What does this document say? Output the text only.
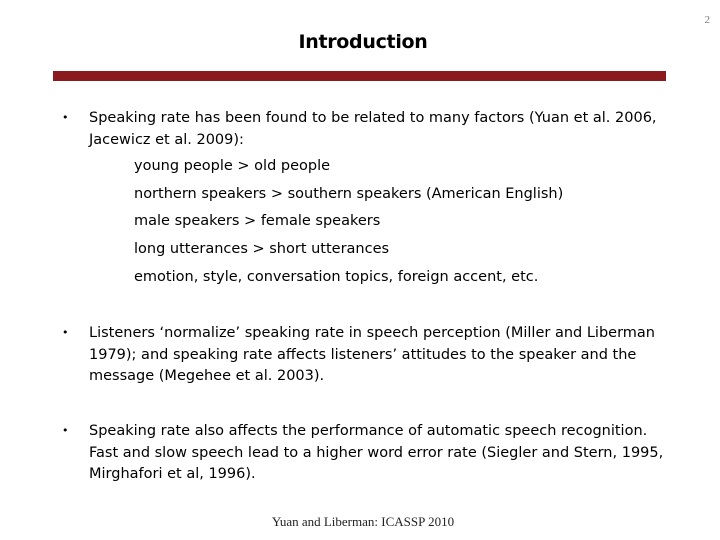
2
Introduction
• Speaking rate has been found to be related to many factors (Yuan et al. 2006, Jacewicz et al. 2009):

young people > old people
northern speakers > southern speakers (American English)
male speakers > female speakers
long utterances > short utterances
emotion, style, conversation topics, foreign accent, etc.
• Listeners ‘normalize’ speaking rate in speech perception (Miller and Liberman 1979); and speaking rate affects listeners’ attitudes to the speaker and the message (Megehee et al. 2003).

• Speaking rate also affects the performance of automatic speech recognition. Fast and slow speech lead to a higher word error rate (Siegler and Stern, 1995, Mirghafori et al, 1996).

Yuan and Liberman: ICASSP 2010
